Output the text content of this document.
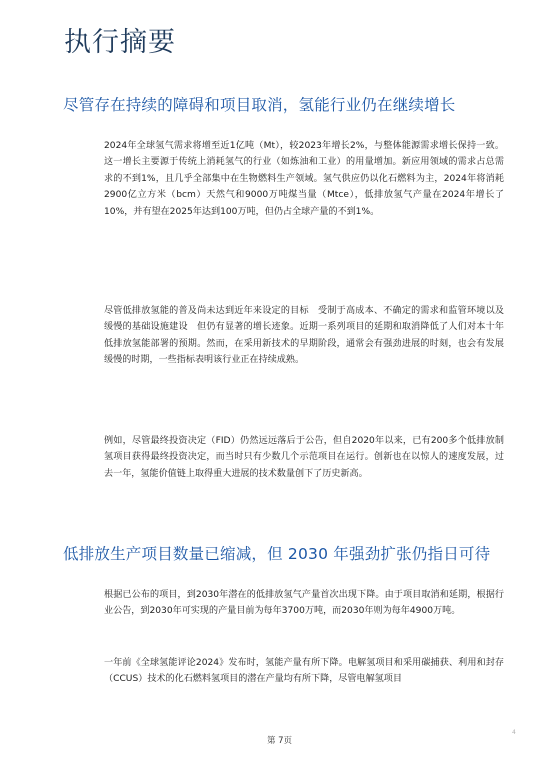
执行摘要
尽管存在持续的障碍和项目取消，氢能行业仍在继续增长

2024年全球氢气需求将增至近1亿吨（Mt），较2023年增长2%，与整体能源需求增长保持一致。这一增长主要源于传统上消耗氢气的行业（如炼油和工业）的用量增加。新应用领域的需求占总需求的不到1%，且几乎全部集中在生物燃料生产领域。氢气供应仍以化石燃料为主，2024年将消耗2900亿立方米（bcm）天然气和9000万吨煤当量（Mtce），低排放氢气产量在2024年增长了10%，并有望在2025年达到100万吨，但仍占全球产量的不到1%。

尽管低排放氢能的普及尚未达到近年来设定的目标　受制于高成本、不确定的需求和监管环境以及缓慢的基础设施建设　但仍有显著的增长迹象。近期一系列项目的延期和取消降低了人们对本十年低排放氢能部署的预期。然而，在采用新技术的早期阶段，通常会有强劲进展的时刻，也会有发展缓慢的时期，一些指标表明该行业正在持续成熟。

例如，尽管最终投资决定（FID）仍然远远落后于公告，但自2020年以来，已有200多个低排放制氢项目获得最终投资决定，而当时只有少数几个示范项目在运行。创新也在以惊人的速度发展，过去一年，氢能价值链上取得重大进展的技术数量创下了历史新高。

低排放生产项目数量已缩减，但 2030 年强劲扩张仍指日可待

根据已公布的项目，到2030年潜在的低排放氢气产量首次出现下降。由于项目取消和延期，根据行业公告，到2030年可实现的产量目前为每年3700万吨，而2030年则为每年4900万吨。

一年前《全球氢能评论2024》发布时，氢能产量有所下降。电解氢项目和采用碳捕获、利用和封存（CCUS）技术的化石燃料氢项目的潜在产量均有所下降，尽管电解氢项目

第 7页
4
